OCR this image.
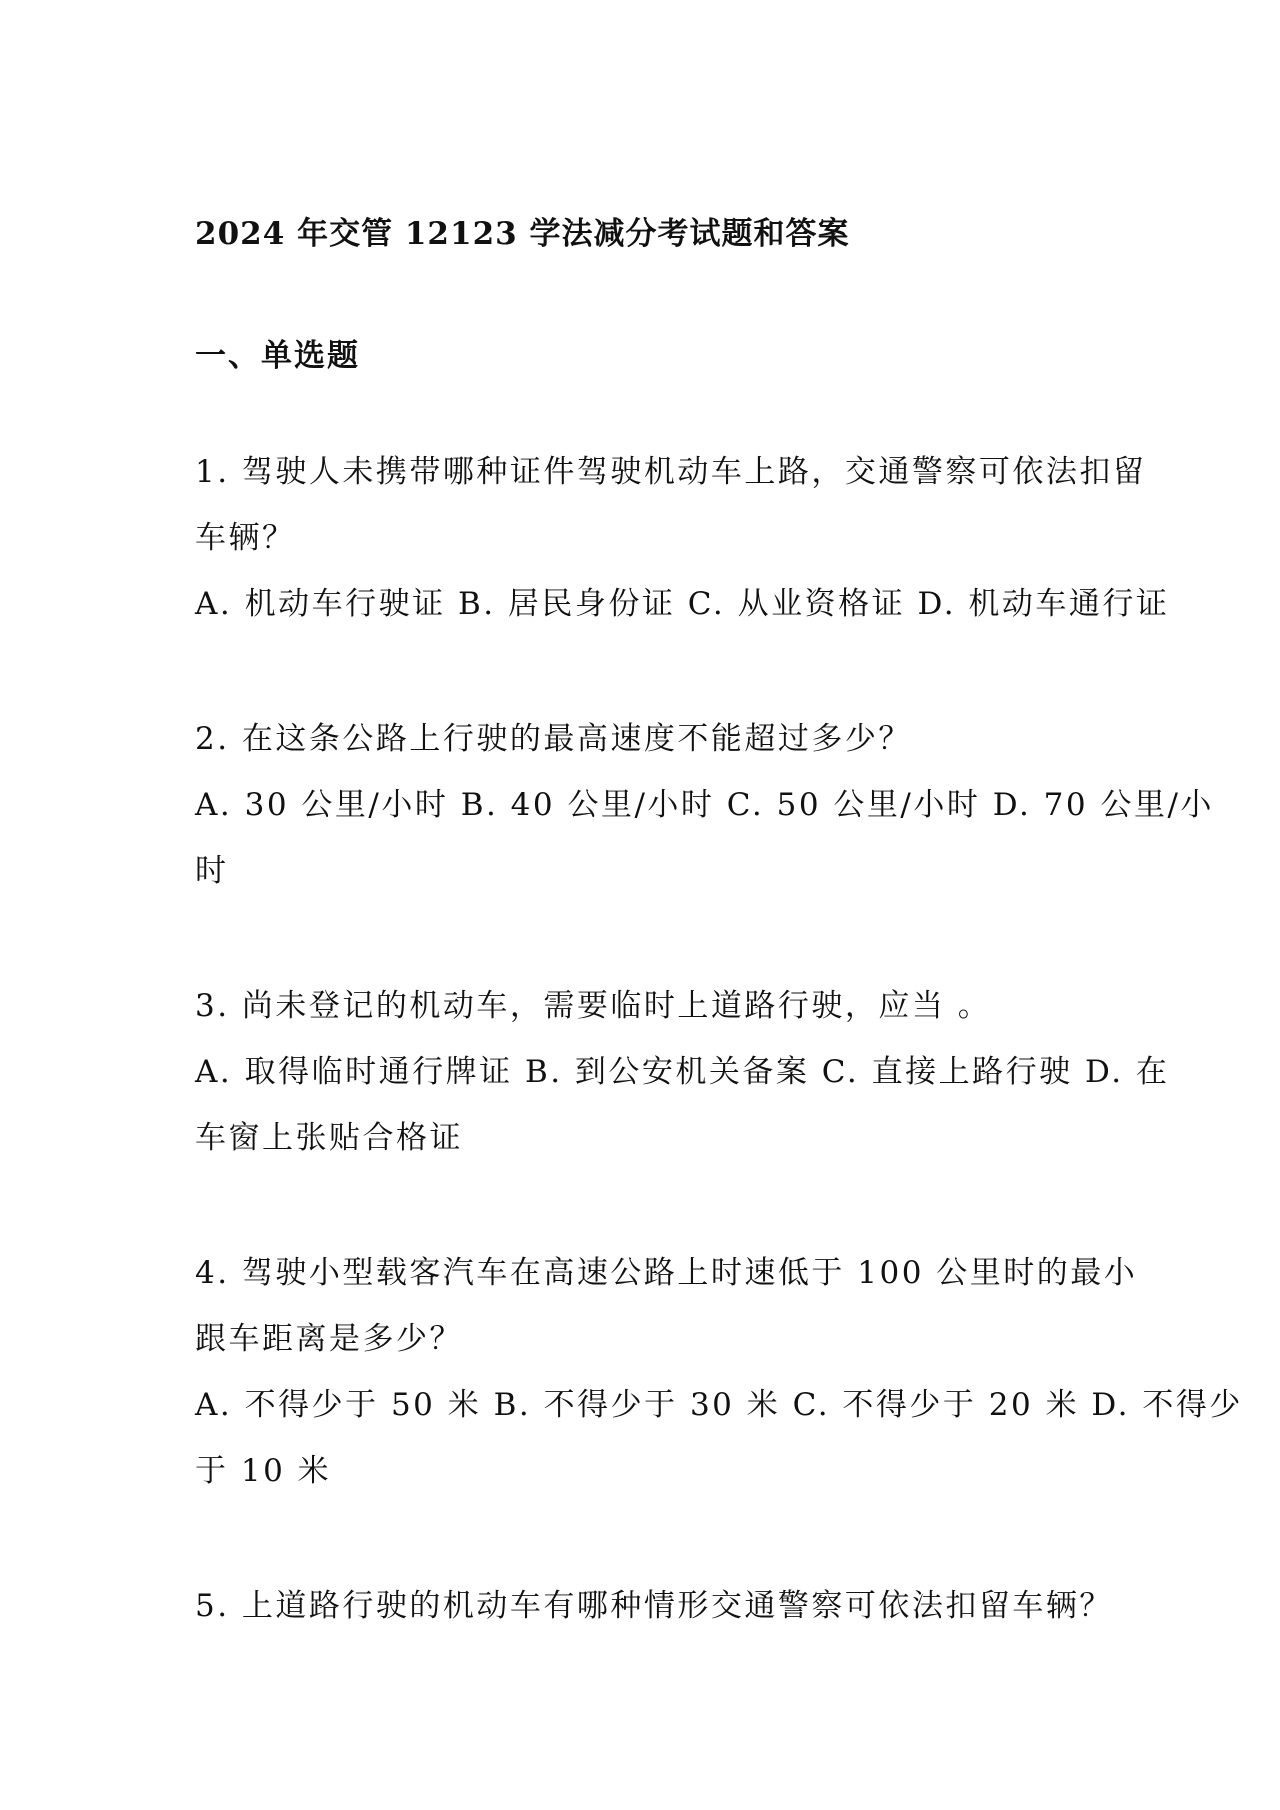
2024 年交管 12123 学法减分考试题和答案
一、单选题
1. 驾驶人未携带哪种证件驾驶机动车上路，交通警察可依法扣留
车辆？
A. 机动车行驶证 B. 居民身份证 C. 从业资格证 D. 机动车通行证
2. 在这条公路上行驶的最高速度不能超过多少？
A. 30 公里/小时 B. 40 公里/小时 C. 50 公里/小时 D. 70 公里/小
时
3. 尚未登记的机动车，需要临时上道路行驶，应当 。
A. 取得临时通行牌证 B. 到公安机关备案 C. 直接上路行驶 D. 在
车窗上张贴合格证
4. 驾驶小型载客汽车在高速公路上时速低于 100 公里时的最小
跟车距离是多少？
A. 不得少于 50 米 B. 不得少于 30 米 C. 不得少于 20 米 D. 不得少
于 10 米
5. 上道路行驶的机动车有哪种情形交通警察可依法扣留车辆？
